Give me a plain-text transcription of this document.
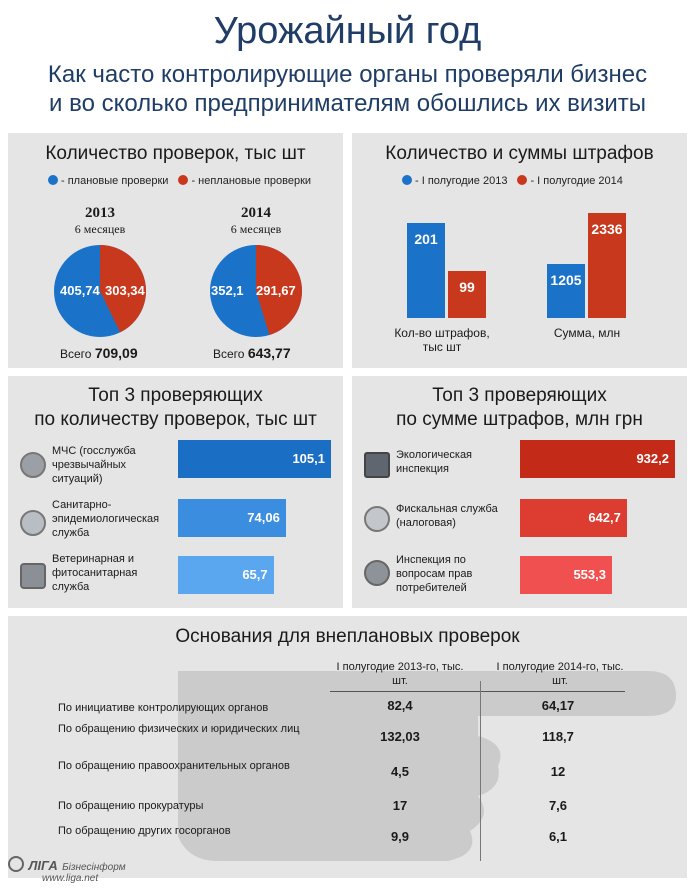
Урожайный год
Как часто контролирующие органы проверяли бизнес
и во сколько предпринимателям обошлись их визиты
Количество проверок, тыс шт
- плановые проверки	- неплановые проверки
2013
6 месяцев
2014
6 месяцев
405,74 303,34	352,1 291,67
Всего 709,09	Всего 643,77
Количество и суммы штрафов
- I полугодие 2013	- I полугодие 2014
201
99	1205
2336
Кол-во штрафов, тыс шт
Сумма, млн
Топ 3 проверяющих
по количеству проверок, тыс шт
МЧС (госслужба чрезвычайных ситуаций)
Санитарно-эпидемиологическая служба
Ветеринарная и фитосанитарная служба
105,1
74,06
65,7
Топ 3 проверяющих
по сумме штрафов, млн грн
Экологическая инспекция
Фискальная служба (налоговая)
Инспекция по вопросам прав потребителей
932,2
642,7
553,3
Основания для внеплановых проверок
I полугодие 2013-го, тыс. шт.
I полугодие 2014-го, тыс. шт.
По инициативе контролирующих органов	82,4	64,17
По обращению физических и юридических лиц	132,03	118,7
По обращению правоохранительных органов	4,5	12
По обращению прокуратуры	17	7,6
По обращению других госорганов	9,9	6,1
ЛІГА Бізнесінформ
www.liga.net
